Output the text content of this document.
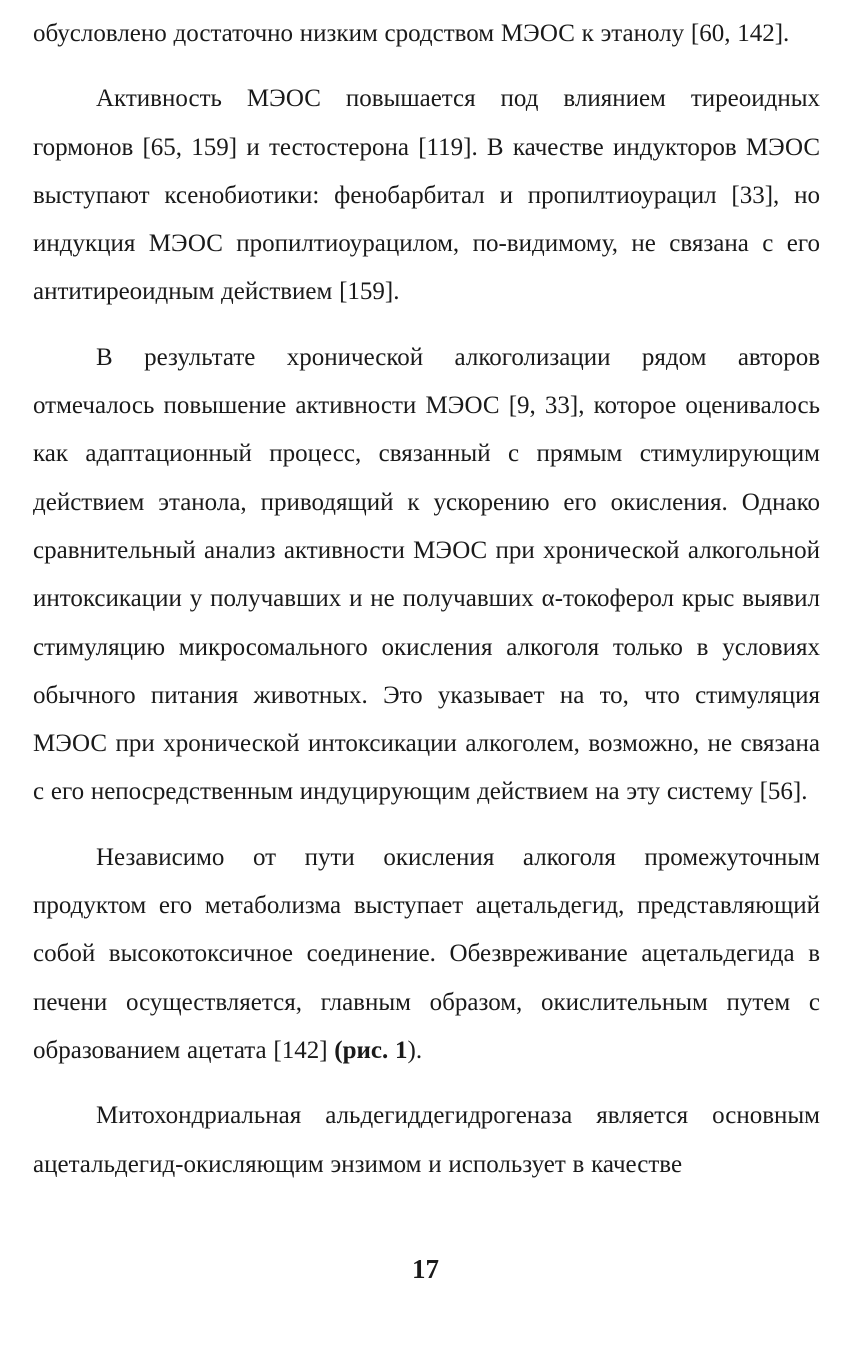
обусловлено достаточно низким сродством МЭОС к этанолу [60, 142].

Активность МЭОС повышается под влиянием тиреоидных гормонов [65, 159] и тестостерона [119]. В качестве индукторов МЭОС выступают ксенобиотики: фенобарбитал и пропилтиоурацил [33], но индукция МЭОС пропилтиоурацилом, по-видимому, не связана с его антитиреоидным действием [159].

В результате хронической алкоголизации рядом авторов отмечалось повышение активности МЭОС [9, 33], которое оценивалось как адаптационный процесс, связанный с прямым стимулирующим действием этанола, приводящий к ускорению его окисления. Однако сравнительный анализ активности МЭОС при хронической алкогольной интоксикации у получавших и не получавших α-токоферол крыс выявил стимуляцию микросомального окисления алкоголя только в условиях обычного питания животных. Это указывает на то, что стимуляция МЭОС при хронической интоксикации алкоголем, возможно, не связана с его непосредственным индуцирующим действием на эту систему [56].

Независимо от пути окисления алкоголя промежуточным продуктом его метаболизма выступает ацетальдегид, представляющий собой высокотоксичное соединение. Обезвреживание ацетальдегида в печени осуществляется, главным образом, окислительным путем с образованием ацетата [142] (рис. 1).

Митохондриальная альдегиддегидрогеназа является основным ацетальдегид-окисляющим энзимом и использует в качестве

17
